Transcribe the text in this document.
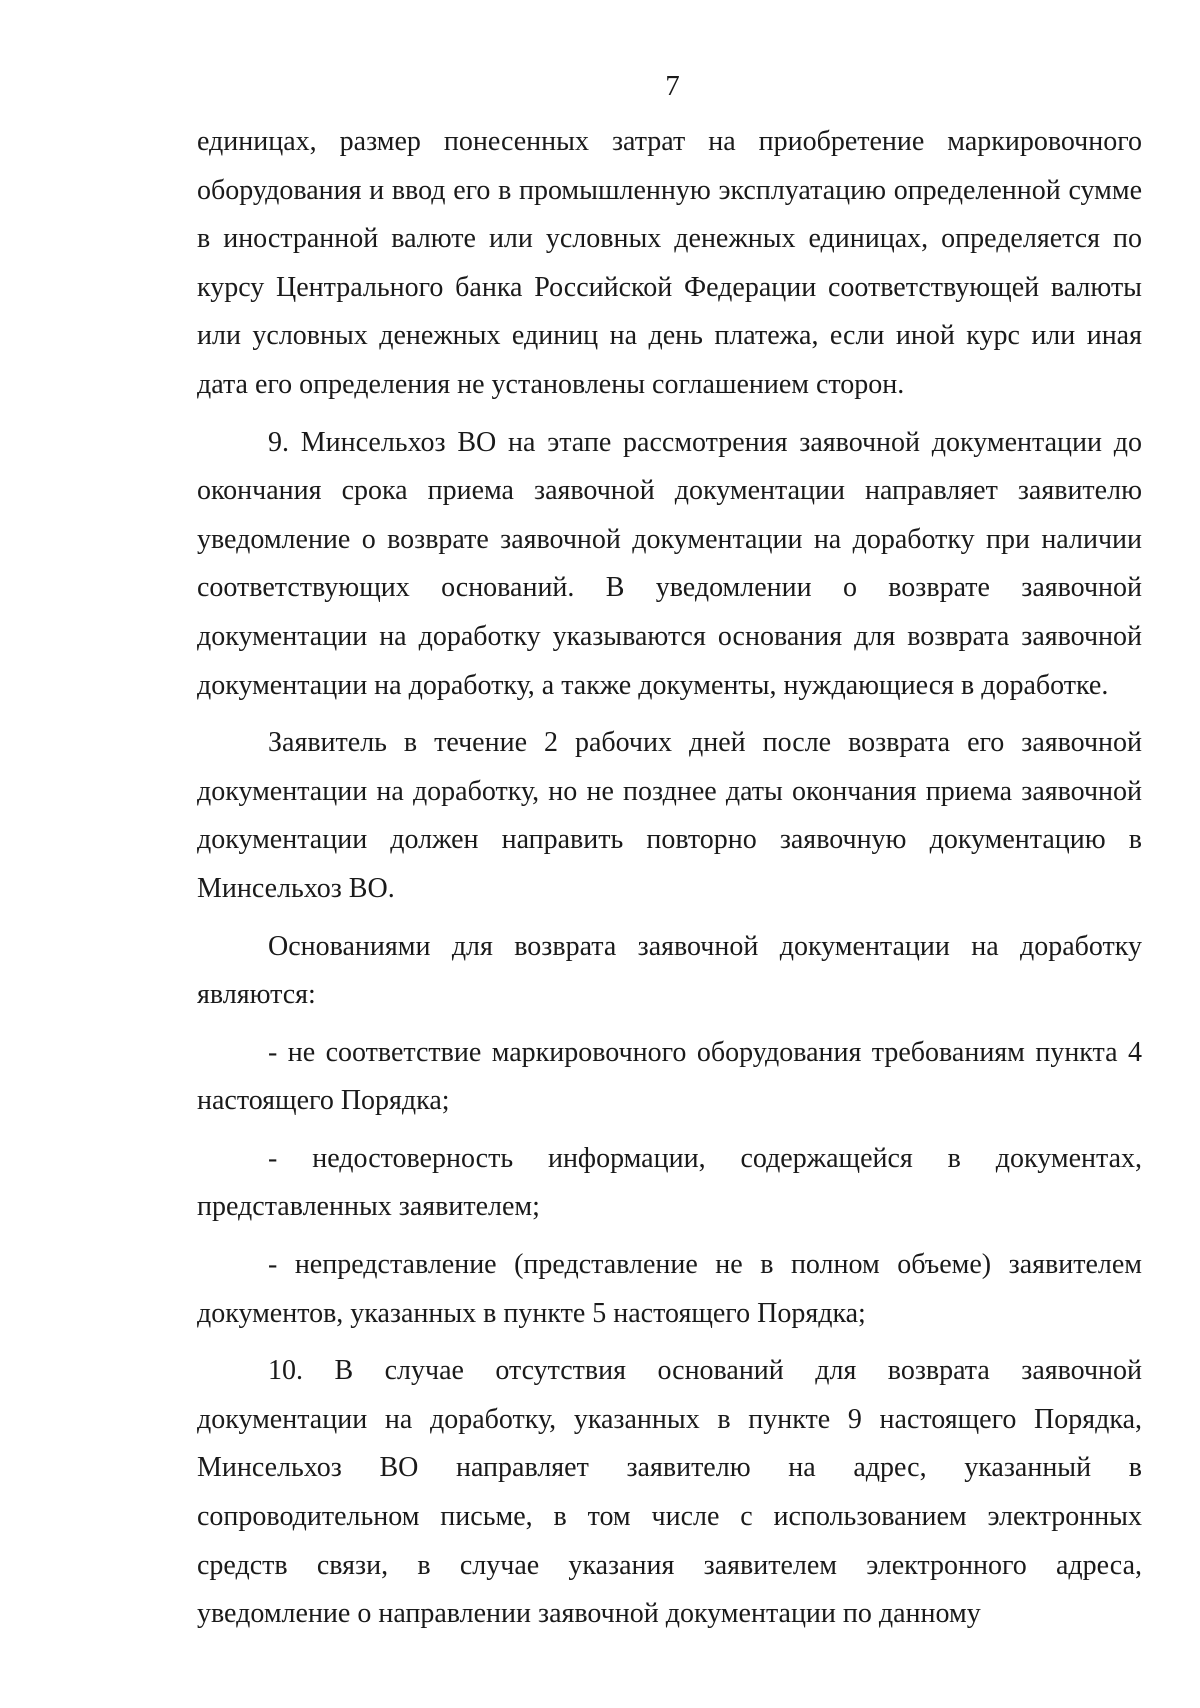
7

единицах, размер понесенных затрат на приобретение маркировочного оборудования и ввод его в промышленную эксплуатацию определенной сумме в иностранной валюте или условных денежных единицах, определяется по курсу Центрального банка Российской Федерации соответствующей валюты или условных денежных единиц на день платежа, если иной курс или иная дата его определения не установлены соглашением сторон.

9. Минсельхоз ВО на этапе рассмотрения заявочной документации до окончания срока приема заявочной документации направляет заявителю уведомление о возврате заявочной документации на доработку при наличии соответствующих оснований. В уведомлении о возврате заявочной документации на доработку указываются основания для возврата заявочной документации на доработку, а также документы, нуждающиеся в доработке.

Заявитель в течение 2 рабочих дней после возврата его заявочной документации на доработку, но не позднее даты окончания приема заявочной документации должен направить повторно заявочную документацию в Минсельхоз ВО.

Основаниями для возврата заявочной документации на доработку являются:

- не соответствие маркировочного оборудования требованиям пункта 4 настоящего Порядка;

- недостоверность информации, содержащейся в документах, представленных заявителем;

- непредставление (представление не в полном объеме) заявителем документов, указанных в пункте 5 настоящего Порядка;

10. В случае отсутствия оснований для возврата заявочной документации на доработку, указанных в пункте 9 настоящего Порядка, Минсельхоз ВО направляет заявителю на адрес, указанный в сопроводительном письме, в том числе с использованием электронных средств связи, в случае указания заявителем электронного адреса, уведомление о направлении заявочной документации по данному
